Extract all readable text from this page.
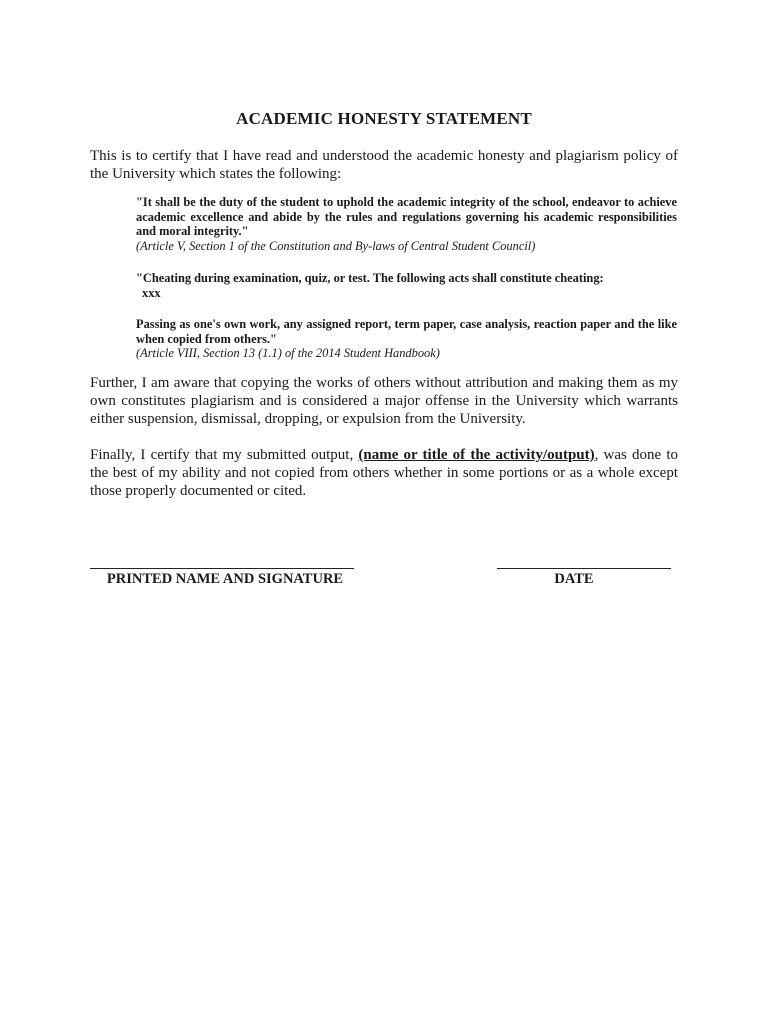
ACADEMIC HONESTY STATEMENT
This is to certify that I have read and understood the academic honesty and plagiarism policy of the University which states the following:
"It shall be the duty of the student to uphold the academic integrity of the school, endeavor to achieve academic excellence and abide by the rules and regulations governing his academic responsibilities and moral integrity."
(Article V, Section 1 of the Constitution and By-laws of Central Student Council)
"Cheating during examination, quiz, or test. The following acts shall constitute cheating:
xxx
Passing as one's own work, any assigned report, term paper, case analysis, reaction paper and the like when copied from others."
(Article VIII, Section 13 (1.1) of the 2014 Student Handbook)
Further, I am aware that copying the works of others without attribution and making them as my own constitutes plagiarism and is considered a major offense in the University which warrants either suspension, dismissal, dropping, or expulsion from the University.
Finally, I certify that my submitted output, (name or title of the activity/output), was done to the best of my ability and not copied from others whether in some portions or as a whole except those properly documented or cited.
PRINTED NAME AND SIGNATURE	DATE
